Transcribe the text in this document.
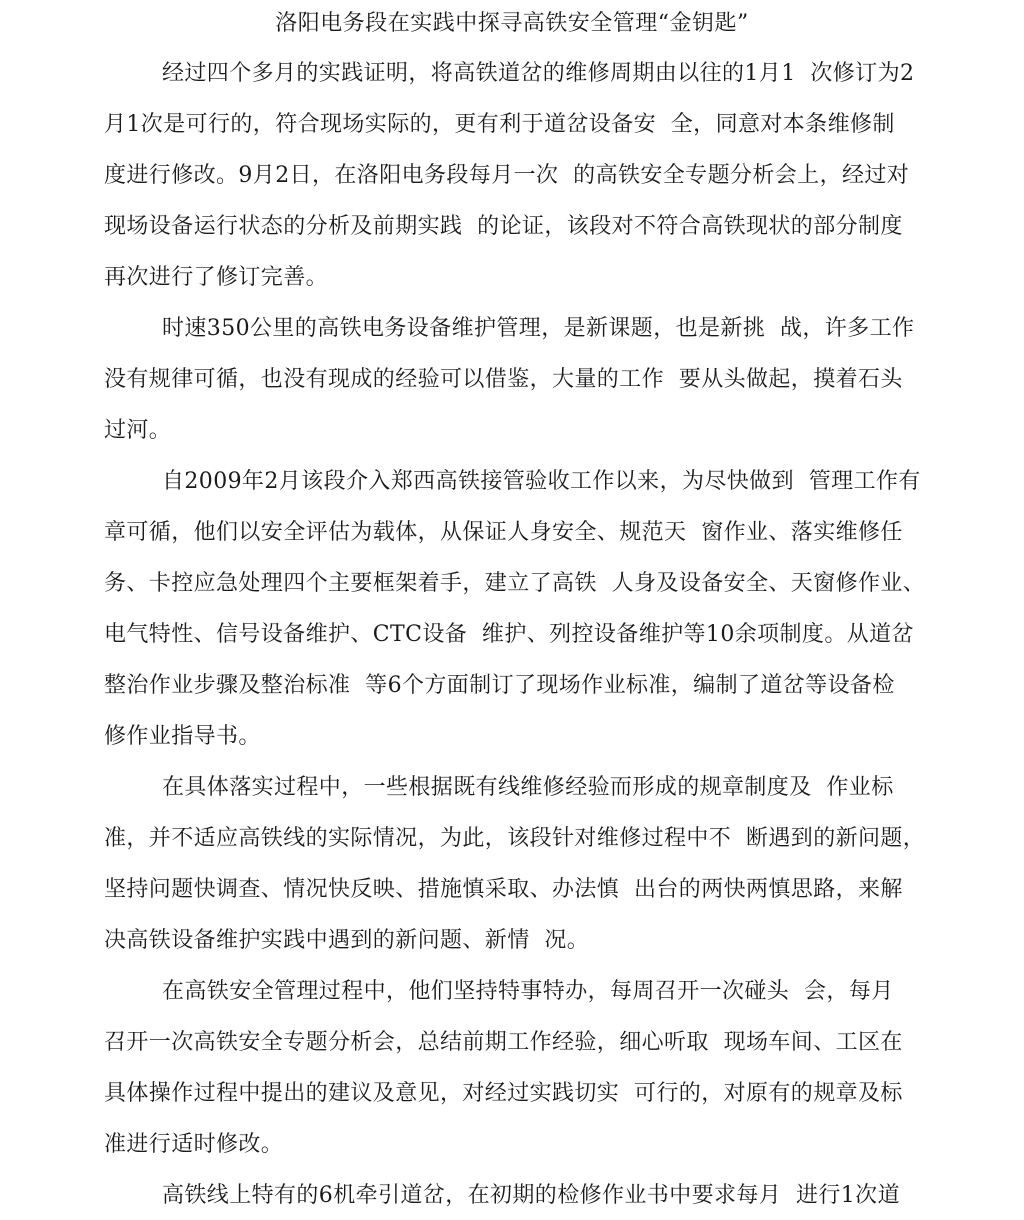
洛阳电务段在实践中探寻高铁安全管理“金钥匙”
经过四个多月的实践证明，将高铁道岔的维修周期由以往的1月1  次修订为2
月1次是可行的，符合现场实际的，更有利于道岔设备安  全，同意对本条维修制
度进行修改。9月2日，在洛阳电务段每月一次  的高铁安全专题分析会上，经过对
现场设备运行状态的分析及前期实践  的论证，该段对不符合高铁现状的部分制度
再次进行了修订完善。
时速350公里的高铁电务设备维护管理，是新课题，也是新挑  战，许多工作
没有规律可循，也没有现成的经验可以借鉴，大量的工作  要从头做起，摸着石头
过河。
自2009年2月该段介入郑西高铁接管验收工作以来，为尽快做到  管理工作有
章可循，他们以安全评估为载体，从保证人身安全、规范天  窗作业、落实维修任
务、卡控应急处理四个主要框架着手，建立了高铁  人身及设备安全、天窗修作业、
电气特性、信号设备维护、CTC设备  维护、列控设备维护等10余项制度。从道岔
整治作业步骤及整治标准  等6个方面制订了现场作业标准，编制了道岔等设备检
修作业指导书。
在具体落实过程中，一些根据既有线维修经验而形成的规章制度及  作业标
准，并不适应高铁线的实际情况，为此，该段针对维修过程中不  断遇到的新问题，
坚持问题快调查、情况快反映、措施慎采取、办法慎  出台的两快两慎思路，来解
决高铁设备维护实践中遇到的新问题、新情  况。
在高铁安全管理过程中，他们坚持特事特办，每周召开一次碰头  会，每月
召开一次高铁安全专题分析会，总结前期工作经验，细心听取  现场车间、工区在
具体操作过程中提出的建议及意见，对经过实践切实  可行的，对原有的规章及标
准进行适时修改。
高铁线上特有的6机牵引道岔，在初期的检修作业书中要求每月  进行1次道
